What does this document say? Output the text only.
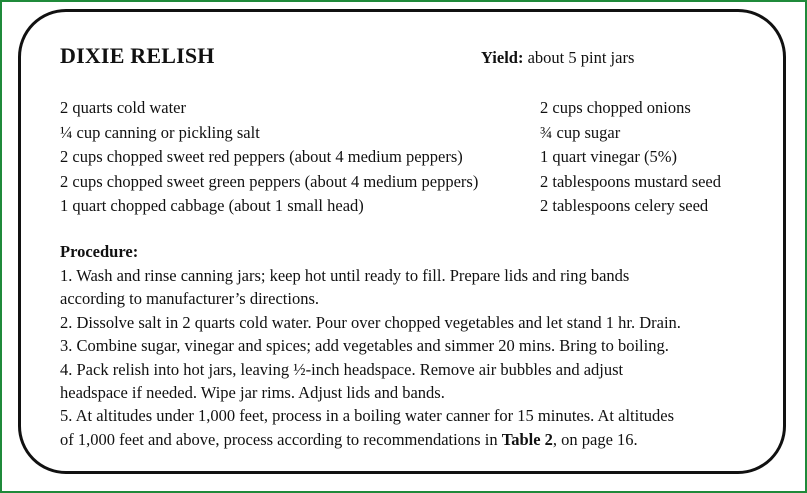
DIXIE RELISH	Yield: about 5 pint jars
2 quarts cold water
¼ cup canning or pickling salt
2 cups chopped sweet red peppers (about 4 medium peppers)
2 cups chopped sweet green peppers (about 4 medium peppers)
1 quart chopped cabbage (about 1 small head)
2 cups chopped onions
¾ cup sugar
1 quart vinegar (5%)
2 tablespoons mustard seed
2 tablespoons celery seed
Procedure:
1. Wash and rinse canning jars; keep hot until ready to fill. Prepare lids and ring bands
according to manufacturer’s directions.
2. Dissolve salt in 2 quarts cold water. Pour over chopped vegetables and let stand 1 hr. Drain.
3. Combine sugar, vinegar and spices; add vegetables and simmer 20 mins. Bring to boiling.
4. Pack relish into hot jars, leaving ½-inch headspace. Remove air bubbles and adjust
headspace if needed. Wipe jar rims. Adjust lids and bands.
5. At altitudes under 1,000 feet, process in a boiling water canner for 15 minutes. At altitudes
of 1,000 feet and above, process according to recommendations in Table 2, on page 16.
